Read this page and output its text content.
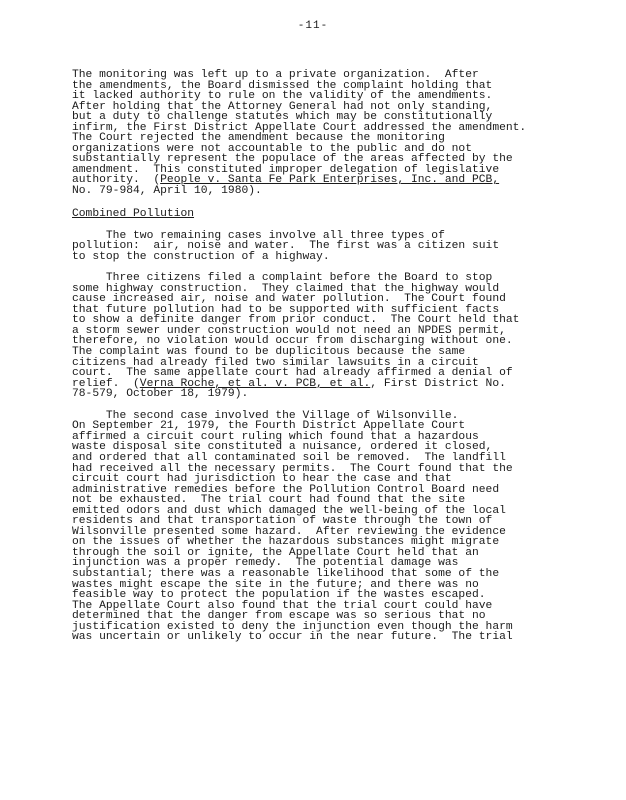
-11-
The monitoring was left up to a private organization.  After
the amendments, the Board dismissed the complaint holding that
it lacked authority to rule on the validity of the amendments.
After holding that the Attorney General had not only standing,
but a duty to challenge statutes which may be constitutionally
infirm, the First District Appellate Court addressed the amendment.
The Court rejected the amendment because the monitoring
organizations were not accountable to the public and do not
substantially represent the populace of the areas affected by the
amendment.  This constituted improper delegation of legislative
authority.  (People v. Santa Fe Park Enterprises, Inc. and PCB,
No. 79-984, April 10, 1980).
Combined Pollution
The two remaining cases involve all three types of
pollution:  air, noise and water.  The first was a citizen suit
to stop the construction of a highway.
Three citizens filed a complaint before the Board to stop
some highway construction.  They claimed that the highway would
cause increased air, noise and water pollution.  The Court found
that future pollution had to be supported with sufficient facts
to show a definite danger from prior conduct.  The Court held that
a storm sewer under construction would not need an NPDES permit,
therefore, no violation would occur from discharging without one.
The complaint was found to be duplicitous because the same
citizens had already filed two similar lawsuits in a circuit
court.  The same appellate court had already affirmed a denial of
relief.  (Verna Roche, et al. v. PCB, et al., First District No.
78-579, October 18, 1979).
The second case involved the Village of Wilsonville.
On September 21, 1979, the Fourth District Appellate Court
affirmed a circuit court ruling which found that a hazardous
waste disposal site constituted a nuisance, ordered it closed,
and ordered that all contaminated soil be removed.  The landfill
had received all the necessary permits.  The Court found that the
circuit court had jurisdiction to hear the case and that
administrative remedies before the Pollution Control Board need
not be exhausted.  The trial court had found that the site
emitted odors and dust which damaged the well-being of the local
residents and that transportation of waste through the town of
Wilsonville presented some hazard.  After reviewing the evidence
on the issues of whether the hazardous substances might migrate
through the soil or ignite, the Appellate Court held that an
injunction was a proper remedy.  The potential damage was
substantial; there was a reasonable likelihood that some of the
wastes might escape the site in the future; and there was no
feasible way to protect the population if the wastes escaped.
The Appellate Court also found that the trial court could have
determined that the danger from escape was so serious that no
justification existed to deny the injunction even though the harm
was uncertain or unlikely to occur in the near future.  The trial
